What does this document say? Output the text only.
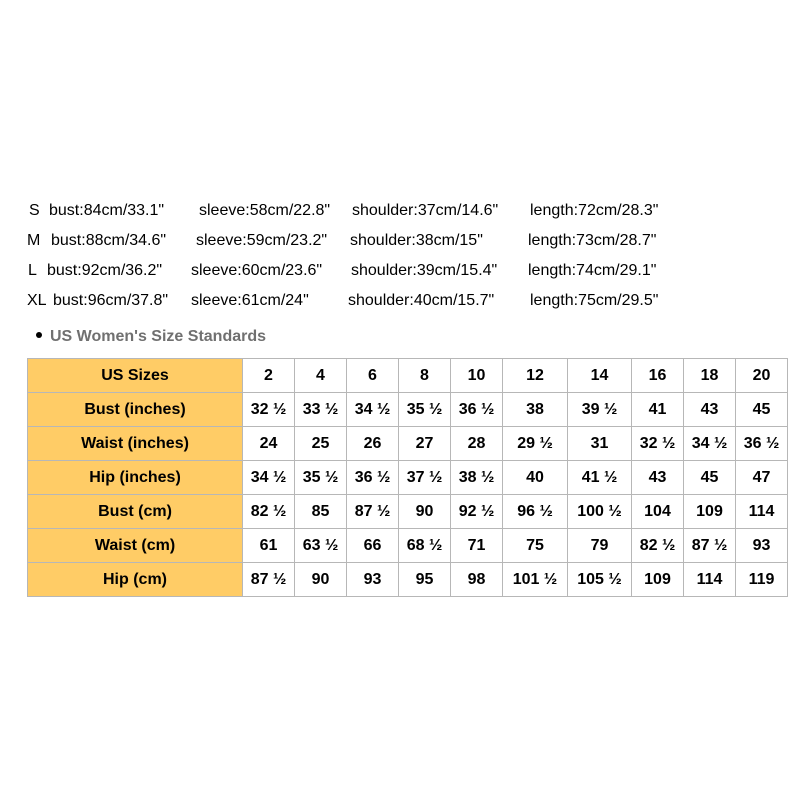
S bust:84cm/33.1" sleeve:58cm/22.8" shoulder:37cm/14.6" length:72cm/28.3"
M bust:88cm/34.6" sleeve:59cm/23.2" shoulder:38cm/15"	length:73cm/28.7"
L bust:92cm/36.2" sleeve:60cm/23.6" shoulder:39cm/15.4" length:74cm/29.1"
XL bust:96cm/37.8" sleeve:61cm/24" shoulder:40cm/15.7" length:75cm/29.5"
US Women's Size Standards
US Sizes	2	4	6	8	10	12	14	16	18	20
Bust (inches)	32 ½	33 ½	34 ½	35 ½	36 ½	38	39 ½	41	43	45
Waist (inches)	24	25	26	27	28	29 ½	31	32 ½	34 ½	36 ½
Hip (inches)	34 ½	35 ½	36 ½	37 ½	38 ½	40	41 ½	43	45	47
Bust (cm)	82 ½	85	87 ½	90	92 ½	96 ½	100 ½	104	109	114
Waist (cm)	61	63 ½	66	68 ½	71	75	79	82 ½	87 ½	93
Hip (cm)	87 ½	90	93	95	98	101 ½	105 ½	109	114	119
